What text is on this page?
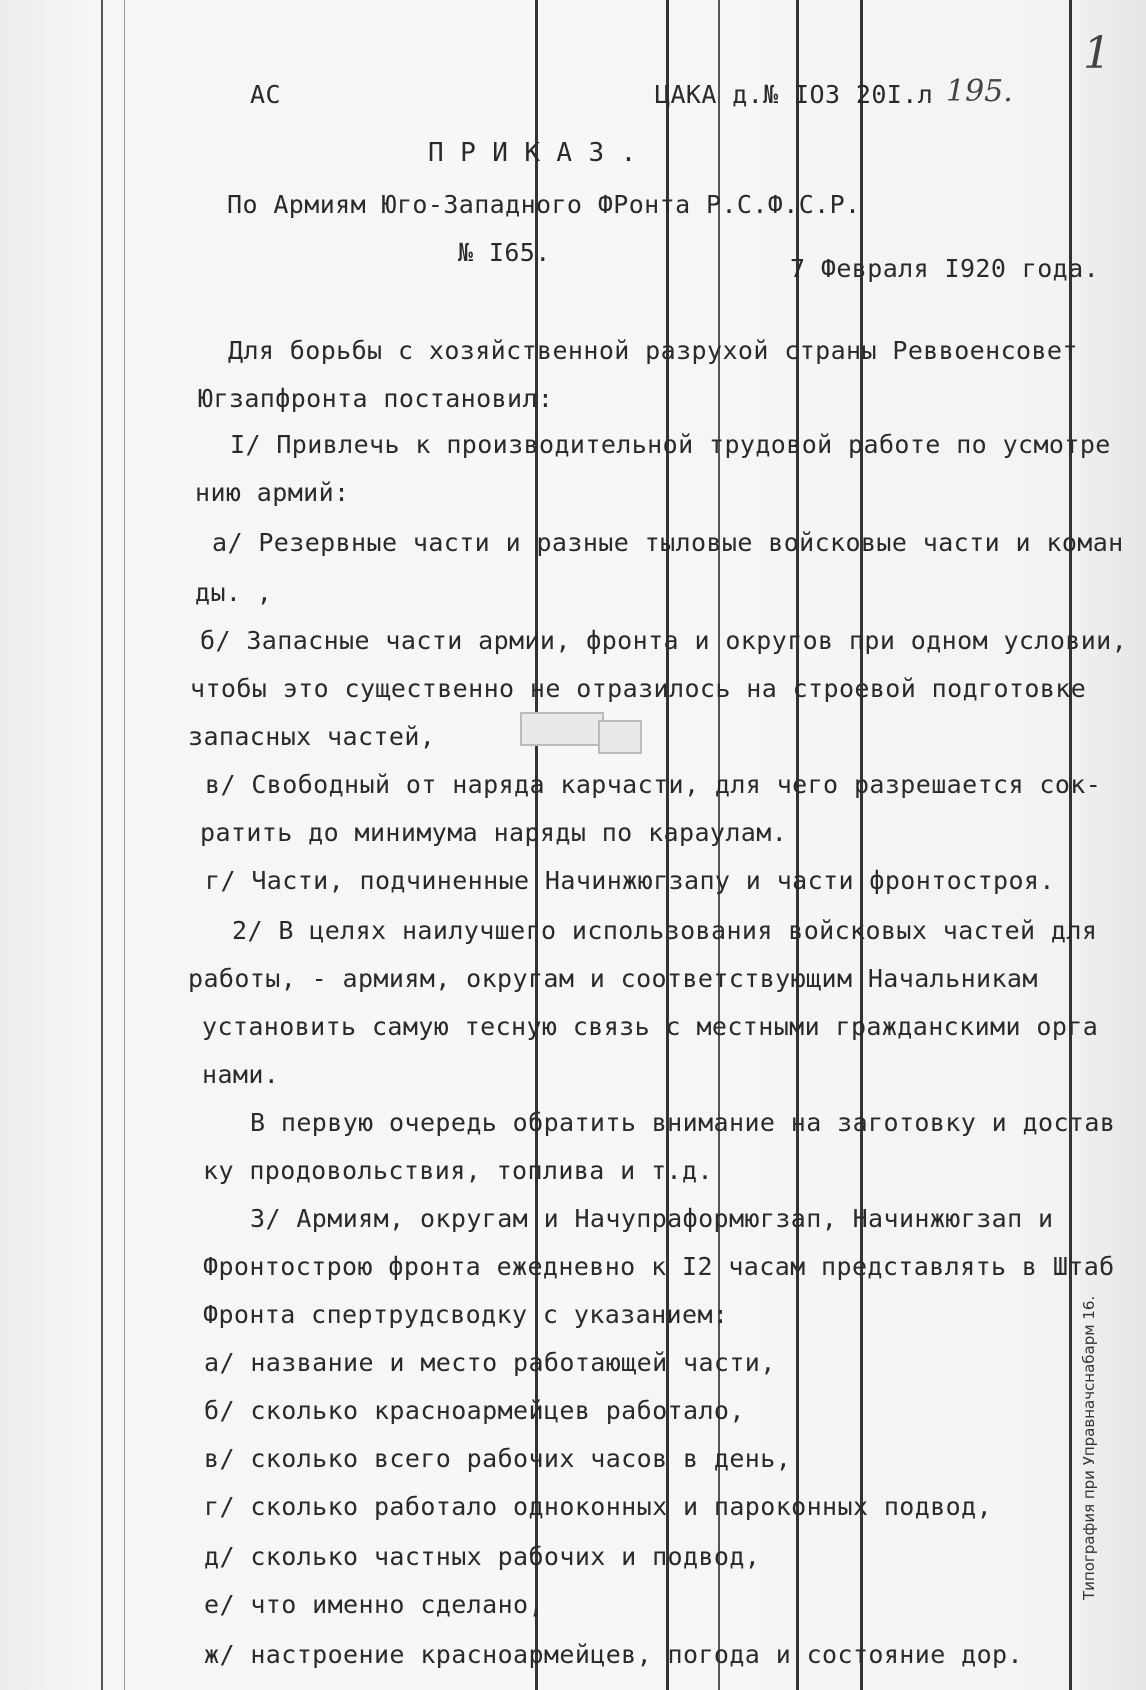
1
АС	ЦАКА д.№ IO3 20I.л 195.
П Р И К А З .
По Армиям Юго-Западного ФРонта Р.С.Ф.С.Р.
№ I65.
7 Февраля I920 года.
Для борьбы с хозяйственной разрухой страны Реввоенсовет
Югзапфронта постановил:
I/ Привлечь к производительной трудовой работе по усмотре
нию армий:
а/ Резервные части и разные тыловые войсковые части и коман
ды. ,
б/ Запасные части армии, фронта и округов при одном условии,
чтобы это существенно не отразилось на строевой подготовке
запасных частей,
в/ Свободный от наряда карчасти, для чего разрешается сок-
ратить до минимума наряды по караулам.
г/ Части, подчиненные Начинжюгзапу и части фронтостроя.
2/ В целях наилучшего использования войсковых частей для
работы, - армиям, округам и соответствующим Начальникам
установить самую тесную связь с местными гражданскими орга
нами.
В первую очередь обратить внимание на заготовку и достав
ку продовольствия, топлива и т.д.
3/ Армиям, округам и Начупраформюгзап, Начинжюгзап и
Фронтострою фронта ежедневно к I2 часам представлять в Штаб
Фронта спертрудсводку с указанием:
а/ название и место работающей части,
б/ сколько красноармейцев работало,
в/ сколько всего рабочих часов в день,
г/ сколько работало одноконных и пароконных подвод,
д/ сколько частных рабочих и подвод,
е/ что именно сделано,
ж/ настроение красноармейцев, погода и состояние дор.
Типография при Управначснабарм 16.
